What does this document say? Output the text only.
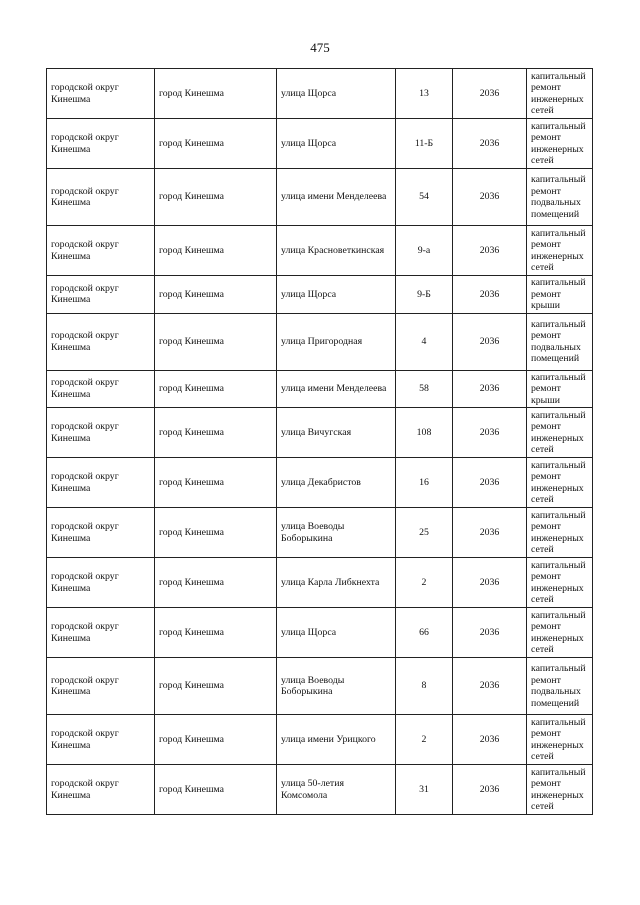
475
городской округ Кинешма	город Кинешма	улица Щорса	13	2036	капитальный ремонт инженерных сетей
городской округ Кинешма	город Кинешма	улица Щорса	11-Б	2036	капитальный ремонт инженерных сетей
городской округ Кинешма	город Кинешма	улица имени Менделеева	54	2036	капитальный ремонт подвальных помещений
городской округ Кинешма	город Кинешма	улица Красноветкинская	9-а	2036	капитальный ремонт инженерных сетей
городской округ Кинешма	город Кинешма	улица Щорса	9-Б	2036	капитальный ремонт крыши
городской округ Кинешма	город Кинешма	улица Пригородная	4	2036	капитальный ремонт подвальных помещений
городской округ Кинешма	город Кинешма	улица имени Менделеева	58	2036	капитальный ремонт крыши
городской округ Кинешма	город Кинешма	улица Вичугская	108	2036	капитальный ремонт инженерных сетей
городской округ Кинешма	город Кинешма	улица Декабристов	16	2036	капитальный ремонт инженерных сетей
городской округ Кинешма	город Кинешма	улица Воеводы Боборыкина	25	2036	капитальный ремонт инженерных сетей
городской округ Кинешма	город Кинешма	улица Карла Либкнехта	2	2036	капитальный ремонт инженерных сетей
городской округ Кинешма	город Кинешма	улица Щорса	66	2036	капитальный ремонт инженерных сетей
городской округ Кинешма	город Кинешма	улица Воеводы Боборыкина	8	2036	капитальный ремонт подвальных помещений
городской округ Кинешма	город Кинешма	улица имени Урицкого	2	2036	капитальный ремонт инженерных сетей
городской округ Кинешма	город Кинешма	улица 50-летия Комсомола	31	2036	капитальный ремонт инженерных сетей
